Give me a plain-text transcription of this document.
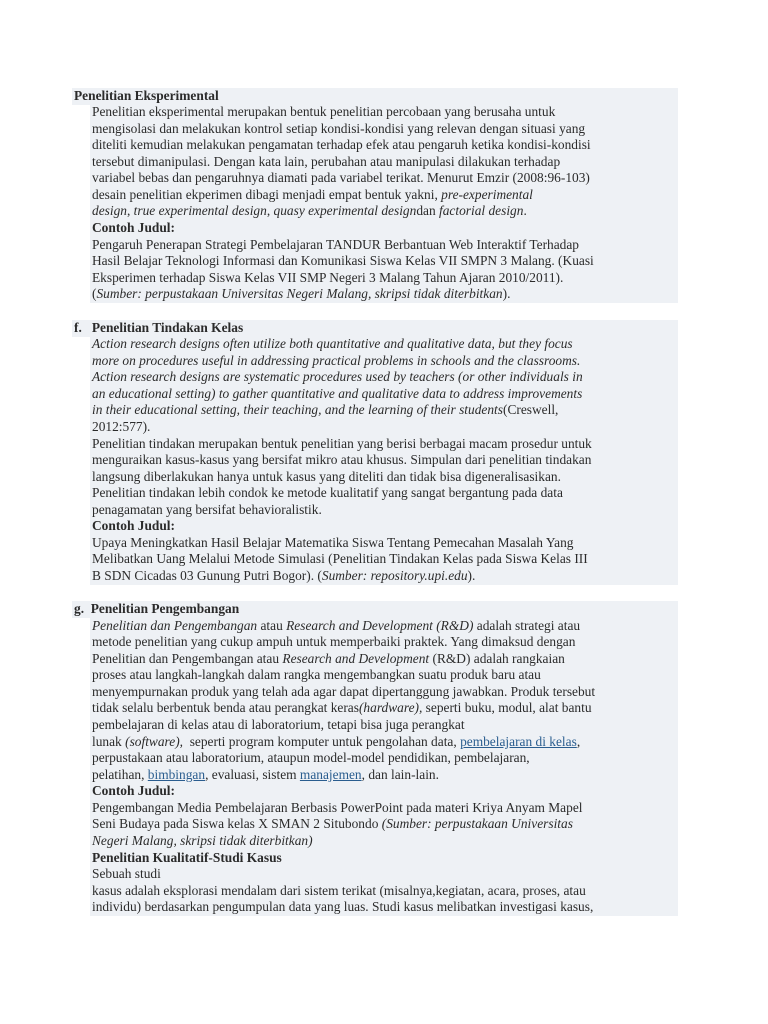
Penelitian Eksperimental
Penelitian eksperimental merupakan bentuk penelitian percobaan yang berusaha untuk
mengisolasi dan melakukan kontrol setiap kondisi-kondisi yang relevan dengan situasi yang
diteliti kemudian melakukan pengamatan terhadap efek atau pengaruh ketika kondisi-kondisi
tersebut dimanipulasi. Dengan kata lain, perubahan atau manipulasi dilakukan terhadap
variabel bebas dan pengaruhnya diamati pada variabel terikat. Menurut Emzir (2008:96-103)
desain penelitian ekperimen dibagi menjadi empat bentuk yakni, pre-experimental
design, true experimental design, quasy experimental designdan factorial design.
Contoh Judul:
Pengaruh Penerapan Strategi Pembelajaran TANDUR Berbantuan Web Interaktif Terhadap
Hasil Belajar Teknologi Informasi dan Komunikasi Siswa Kelas VII SMPN 3 Malang. (Kuasi
Eksperimen terhadap Siswa Kelas VII SMP Negeri 3 Malang Tahun Ajaran 2010/2011).
(Sumber: perpustakaan Universitas Negeri Malang, skripsi tidak diterbitkan).
f.   Penelitian Tindakan Kelas
Action research designs often utilize both quantitative and qualitative data, but they focus
more on procedures useful in addressing practical problems in schools and the classrooms.
Action research designs are systematic procedures used by teachers (or other individuals in
an educational setting) to gather quantitative and qualitative data to address improvements
in their educational setting, their teaching, and the learning of their students(Creswell,
2012:577).
Penelitian tindakan merupakan bentuk penelitian yang berisi berbagai macam prosedur untuk
menguraikan kasus-kasus yang bersifat mikro atau khusus. Simpulan dari penelitian tindakan
langsung diberlakukan hanya untuk kasus yang diteliti dan tidak bisa digeneralisasikan.
Penelitian tindakan lebih condok ke metode kualitatif yang sangat bergantung pada data
penagamatan yang bersifat behavioralistik.
Contoh Judul:
Upaya Meningkatkan Hasil Belajar Matematika Siswa Tentang Pemecahan Masalah Yang
Melibatkan Uang Melalui Metode Simulasi (Penelitian Tindakan Kelas pada Siswa Kelas III
B SDN Cicadas 03 Gunung Putri Bogor). (Sumber: repository.upi.edu).
g.  Penelitian Pengembangan
Penelitian dan Pengembangan atau Research and Development (R&D) adalah strategi atau
metode penelitian yang cukup ampuh untuk memperbaiki praktek. Yang dimaksud dengan
Penelitian dan Pengembangan atau Research and Development (R&D) adalah rangkaian
proses atau langkah-langkah dalam rangka mengembangkan suatu produk baru atau
menyempurnakan produk yang telah ada agar dapat dipertanggung jawabkan. Produk tersebut
tidak selalu berbentuk benda atau perangkat keras(hardware), seperti buku, modul, alat bantu
pembelajaran di kelas atau di laboratorium, tetapi bisa juga perangkat
lunak (software),  seperti program komputer untuk pengolahan data, pembelajaran di kelas,
perpustakaan atau laboratorium, ataupun model-model pendidikan, pembelajaran,
pelatihan, bimbingan, evaluasi, sistem manajemen, dan lain-lain.
Contoh Judul:
Pengembangan Media Pembelajaran Berbasis PowerPoint pada materi Kriya Anyam Mapel
Seni Budaya pada Siswa kelas X SMAN 2 Situbondo (Sumber: perpustakaan Universitas
Negeri Malang, skripsi tidak diterbitkan)
Penelitian Kualitatif-Studi Kasus
Sebuah studi
kasus adalah eksplorasi mendalam dari sistem terikat (misalnya,kegiatan, acara, proses, atau
individu) berdasarkan pengumpulan data yang luas. Studi kasus melibatkan investigasi kasus,
